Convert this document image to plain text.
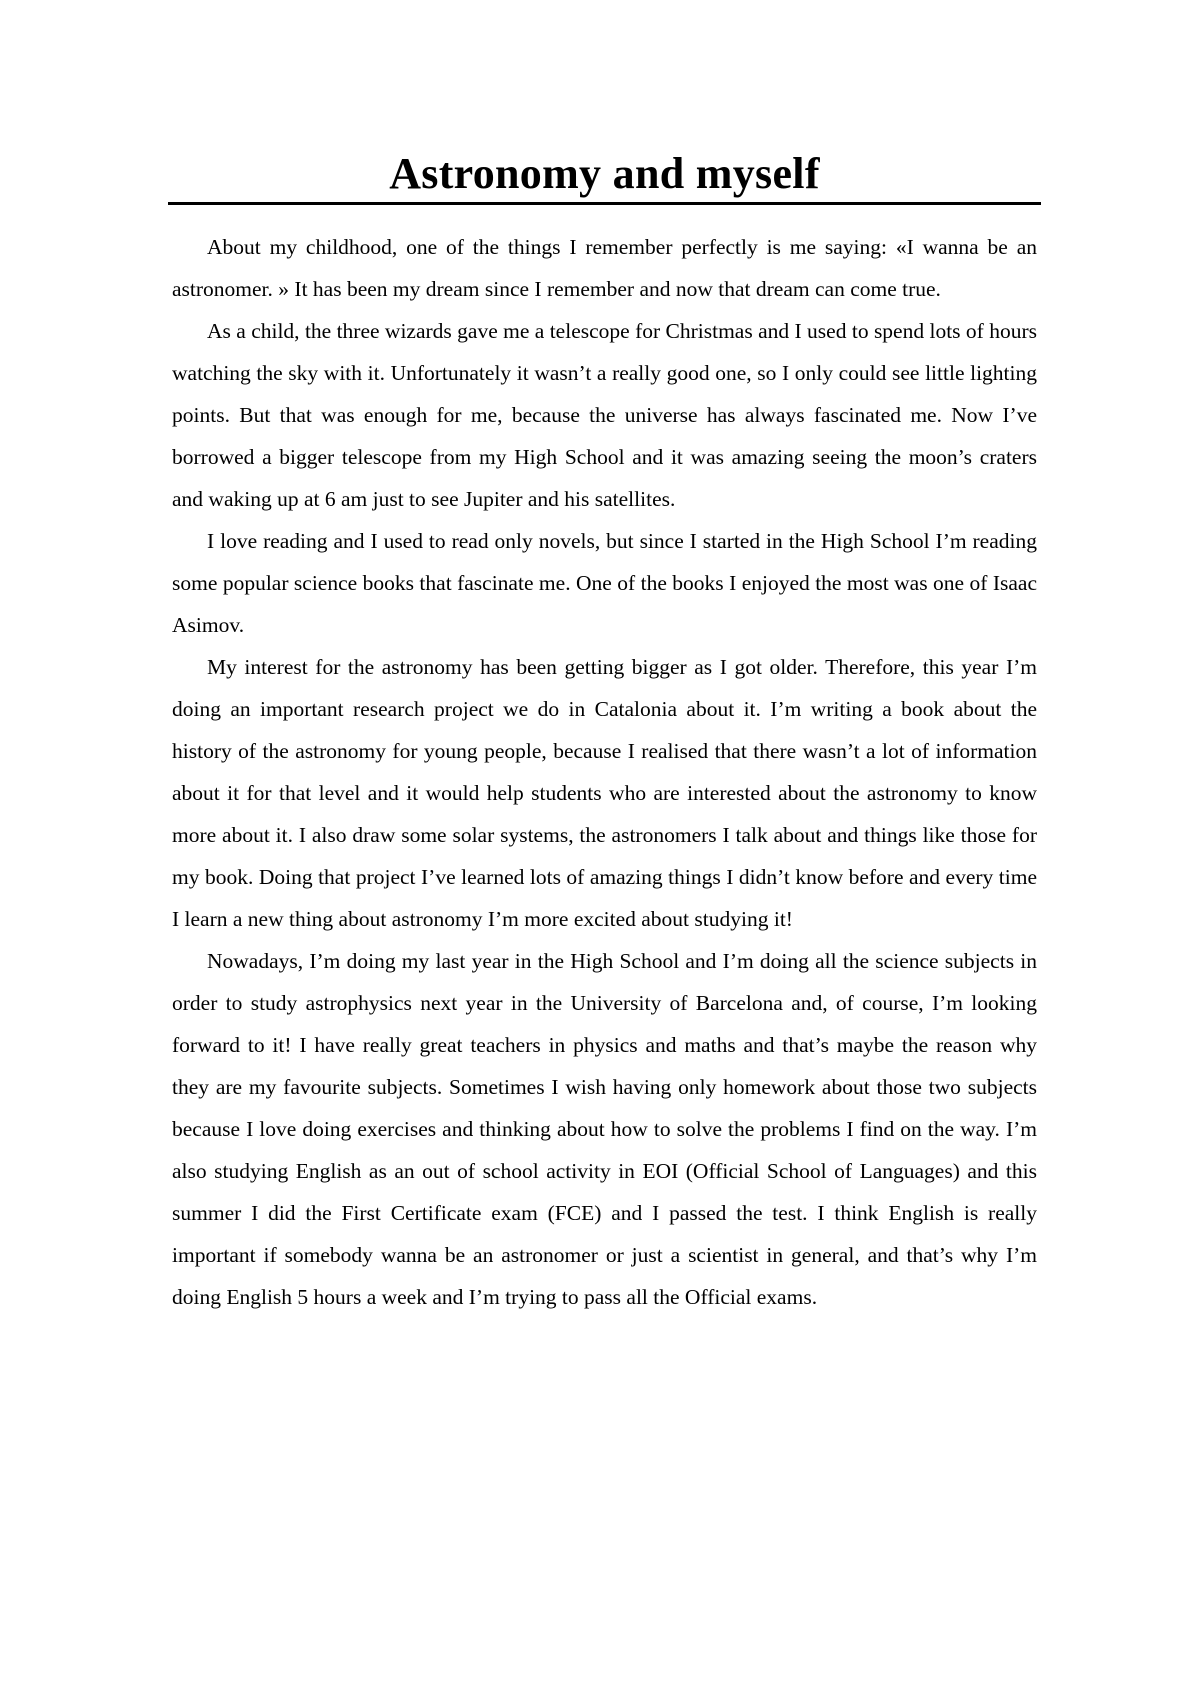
Astronomy and myself

About my childhood, one of the things I remember perfectly is me saying: «I wanna be an astronomer. » It has been my dream since I remember and now that dream can come true.

As a child, the three wizards gave me a telescope for Christmas and I used to spend lots of hours watching the sky with it. Unfortunately it wasn’t a really good one, so I only could see little lighting points. But that was enough for me, because the universe has always fascinated me. Now I’ve borrowed a bigger telescope from my High School and it was amazing seeing the moon’s craters and waking up at 6 am just to see Jupiter and his satellites.

I love reading and I used to read only novels, but since I started in the High School I’m reading some popular science books that fascinate me. One of the books I enjoyed the most was one of Isaac Asimov.

My interest for the astronomy has been getting bigger as I got older. Therefore, this year I’m doing an important research project we do in Catalonia about it. I’m writing a book about the history of the astronomy for young people, because I realised that there wasn’t a lot of information about it for that level and it would help students who are interested about the astronomy to know more about it. I also draw some solar systems, the astronomers I talk about and things like those for my book. Doing that project I’ve learned lots of amazing things I didn’t know before and every time I learn a new thing about astronomy I’m more excited about studying it!

Nowadays, I’m doing my last year in the High School and I’m doing all the science subjects in order to study astrophysics next year in the University of Barcelona and, of course, I’m looking forward to it! I have really great teachers in physics and maths and that’s maybe the reason why they are my favourite subjects. Sometimes I wish having only homework about those two subjects because I love doing exercises and thinking about how to solve the problems I find on the way. I’m also studying English as an out of school activity in EOI (Official School of Languages) and this summer I did the First Certificate exam (FCE) and I passed the test. I think English is really important if somebody wanna be an astronomer or just a scientist in general, and that’s why I’m doing English 5 hours a week and I’m trying to pass all the Official exams.
